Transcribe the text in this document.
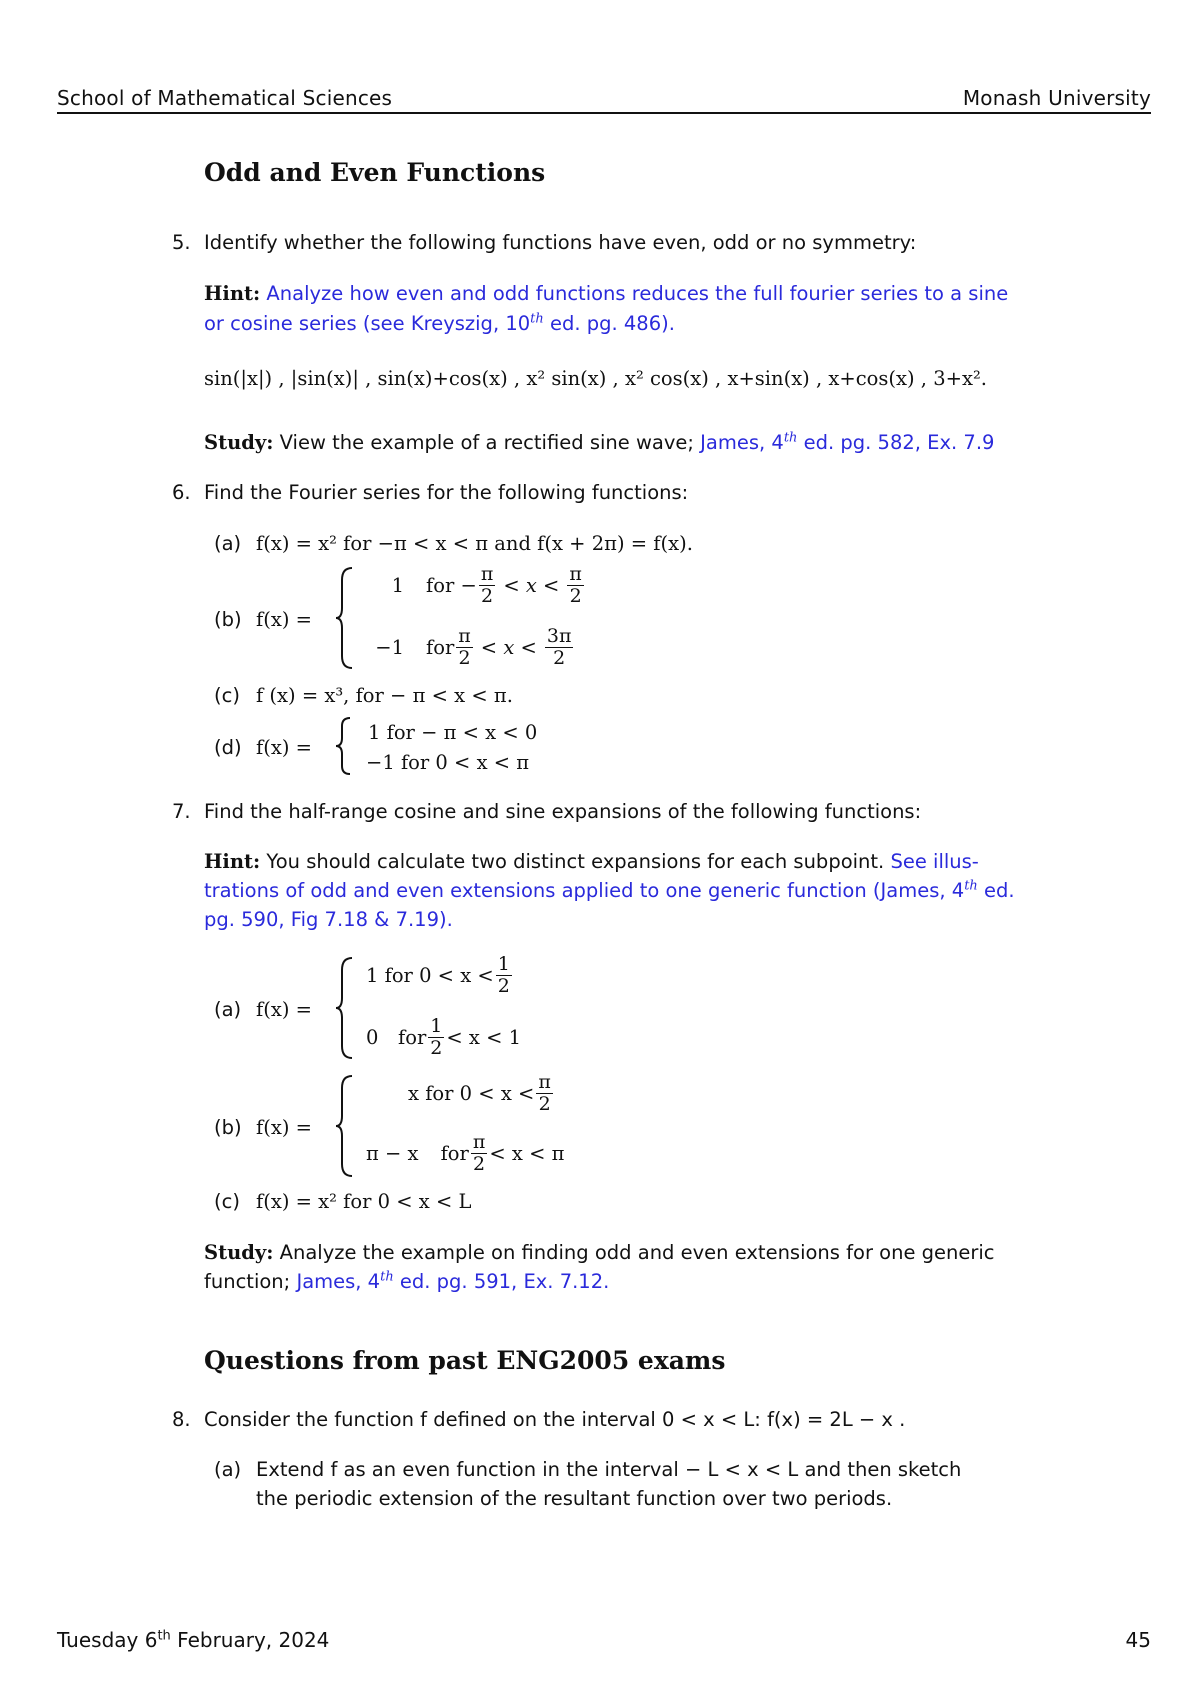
School of Mathematical Sciences	Monash University
Odd and Even Functions
5. Identify whether the following functions have even, odd or no symmetry:
Hint: Analyze how even and odd functions reduces the full fourier series to a sine
or cosine series (see Kreyszig, 10th ed. pg. 486).
sin(|x|) , |sin(x)| , sin(x)+cos(x) , x² sin(x) , x² cos(x) , x+sin(x) , x+cos(x) , 3+x².
Study: View the example of a rectified sine wave; James, 4th ed. pg. 582, Ex. 7.9
6. Find the Fourier series for the following functions:
(a) f(x) = x² for −π < x < π and f(x + 2π) = f(x).
(b) f(x) =
1 for − $\frac{\pi}{2} < x < \frac{\pi}{2}$
−1 for $\frac{\pi}{2} < x < \frac{3\pi}{2}$
(c) f (x) = x³, for − π < x < π.
(d) f(x) =
1 for − π < x < 0
−1 for 0 < x < π
7. Find the half-range cosine and sine expansions of the following functions:
Hint: You should calculate two distinct expansions for each subpoint. See illus-
trations of odd and even extensions applied to one generic function (James, 4th ed.
pg. 590, Fig 7.18 & 7.19).
(a) f(x) =
1 for $0 < x < \frac{1}{2}$
0 for $\frac{1}{2} < x < 1$
(b) f(x) =
x for $0 < x < \frac{\pi}{2}$
π − x for $\frac{\pi}{2} < x < \pi$
(c) f(x) = x² for 0 < x < L
Study: Analyze the example on finding odd and even extensions for one generic
function; James, 4th ed. pg. 591, Ex. 7.12.
Questions from past ENG2005 exams
8. Consider the function f defined on the interval 0 < x < L: f(x) = 2L − x .
(a) Extend f as an even function in the interval − L < x < L and then sketch
the periodic extension of the resultant function over two periods.
Tuesday 6th February, 2024	45
